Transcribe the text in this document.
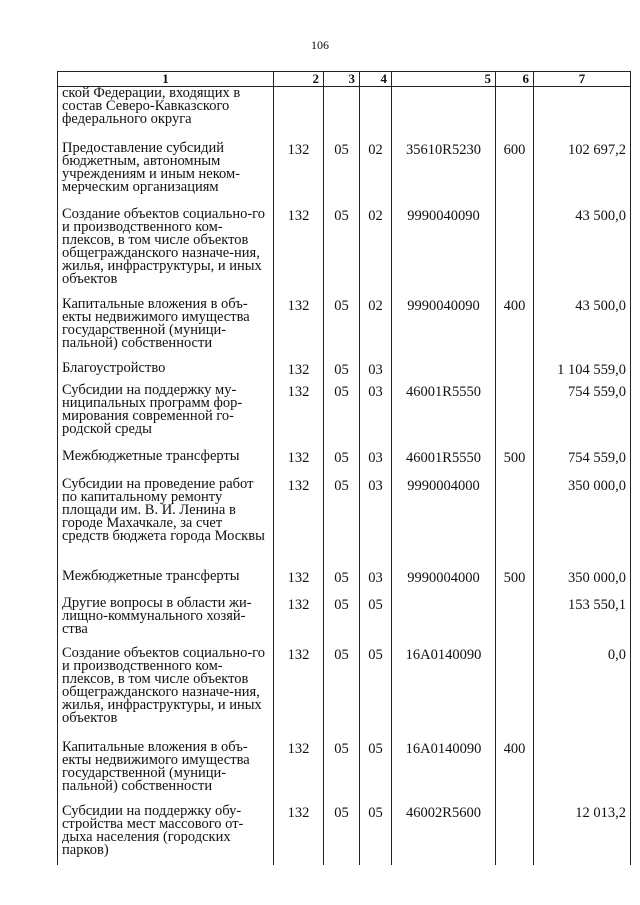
106
1	2	3	4	5	6	7
ской Федерации, входящих в состав Северо-Кавказского федерального округа						
Предоставление субсидий бюджетным, автономным учреждениям и иным неком-мерческим организациям	132	05	02	35610R5230	600	102 697,2
Создание объектов социально-го и производственного ком-плексов, в том числе объектов общегражданского назначе-ния, жилья, инфраструктуры, и иных объектов	132	05	02	9990040090		43 500,0
Капитальные вложения в объ-екты недвижимого имущества государственной (муници-пальной) собственности	132	05	02	9990040090	400	43 500,0
Благоустройство	132	05	03			1 104 559,0
Субсидии на поддержку му-ниципальных программ фор-мирования современной го-родской среды	132	05	03	46001R5550		754 559,0
Межбюджетные трансферты	132	05	03	46001R5550	500	754 559,0
Субсидии на проведение работ по капитальному ремонту площади им. В. И. Ленина в городе Махачкале, за счет средств бюджета города Москвы	132	05	03	9990004000		350 000,0
Межбюджетные трансферты	132	05	03	9990004000	500	350 000,0
Другие вопросы в области жи-лищно-коммунального хозяй-ства	132	05	05			153 550,1
Создание объектов социально-го и производственного ком-плексов, в том числе объектов общегражданского назначе-ния, жилья, инфраструктуры, и иных объектов	132	05	05	16А0140090		0,0
Капитальные вложения в объ-екты недвижимого имущества государственной (муници-пальной) собственности	132	05	05	16А0140090	400	
Субсидии на поддержку обу-стройства мест массового от-дыха населения (городских парков)	132	05	05	46002R5600		12 013,2
